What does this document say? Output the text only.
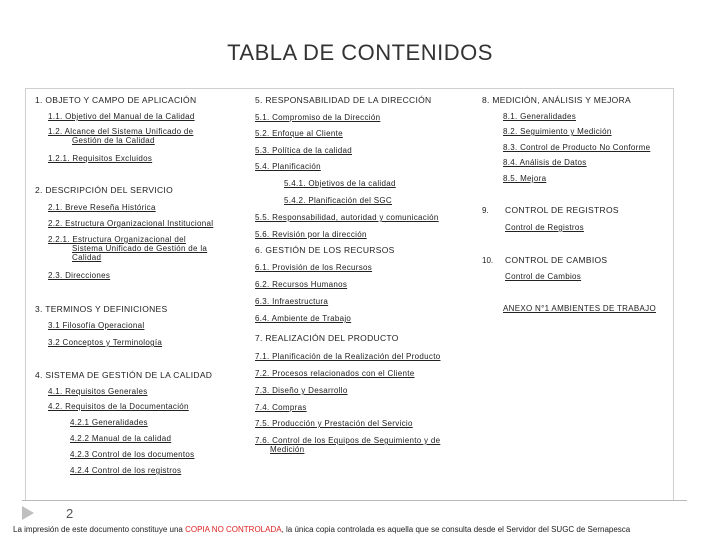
TABLA DE CONTENIDOS
1. OBJETO Y CAMPO DE APLICACIÓN
1.1. Objetivo del Manual de la Calidad
1.2. Alcance del Sistema Unificado de
Gestión de la Calidad
1.2.1. Requisitos Excluidos
2. DESCRIPCIÓN DEL SERVICIO
2.1. Breve Reseña Histórica
2.2. Estructura Organizacional Institucional
2.2.1. Estructura Organizacional del
Sistema Unificado de Gestión de la
Calidad
2.3. Direcciones
3. TERMINOS Y DEFINICIONES
3.1 Filosofía Operacional
3.2 Conceptos y Terminología
4. SISTEMA DE GESTIÓN DE LA CALIDAD
4.1. Requisitos Generales
4.2. Requisitos de la Documentación
4.2.1 Generalidades
4.2.2 Manual de la calidad
4.2.3 Control de los documentos
4.2.4 Control de los registros
5. RESPONSABILIDAD DE LA DIRECCIÓN
5.1. Compromiso de la Dirección
5.2. Enfoque al Cliente
5.3. Política de la calidad
5.4. Planificación
5.4.1. Objetivos de la calidad
5.4.2. Planificación del SGC
5.5. Responsabilidad, autoridad y comunicación
5.6. Revisión por la dirección
6. GESTIÓN DE LOS RECURSOS
6.1. Provisión de los Recursos
6.2. Recursos Humanos
6.3. Infraestructura
6.4. Ambiente de Trabajo
7. REALIZACIÓN DEL PRODUCTO
7.1. Planificación de la Realización del Producto
7.2. Procesos relacionados con el Cliente
7.3. Diseño y Desarrollo
7.4. Compras
7.5. Producción y Prestación del Servicio
7.6. Control de los Equipos de Seguimiento y de
Medición
8. MEDICIÓN, ANÁLISIS Y MEJORA
8.1. Generalidades
8.2. Seguimiento y Medición
8.3. Control de Producto No Conforme
8.4. Análisis de Datos
8.5. Mejora
9. CONTROL DE REGISTROS
Control de Registros
10. CONTROL DE CAMBIOS
Control de Cambios
ANEXO N°1 AMBIENTES DE TRABAJO
2
La impresión de este documento constituye una COPIA NO CONTROLADA, la única copia controlada es aquella que se consulta desde el Servidor del SUGC de Sernapesca
